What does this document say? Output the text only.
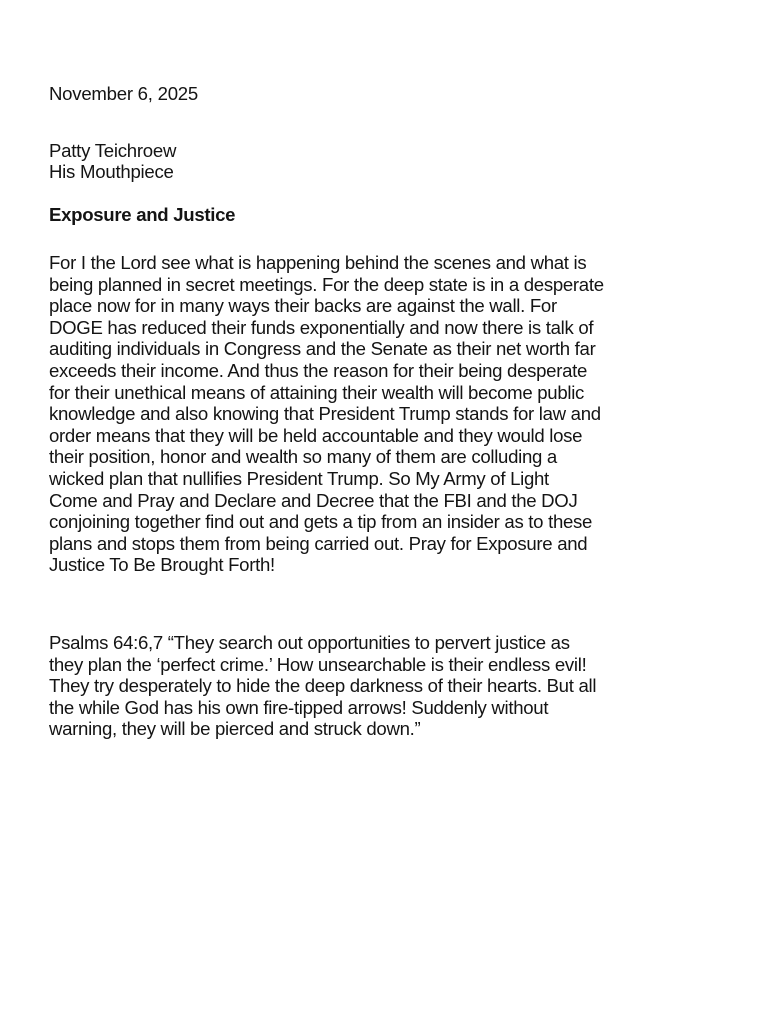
November 6, 2025
Patty Teichroew
His Mouthpiece
Exposure and Justice
For I the Lord see what is happening behind the scenes and what is
being planned in secret meetings. For the deep state is in a desperate
place now for in many ways their backs are against the wall. For
DOGE has reduced their funds exponentially and now there is talk of
auditing individuals in Congress and the Senate as their net worth far
exceeds their income. And thus the reason for their being desperate
for their unethical means of attaining their wealth will become public
knowledge and also knowing that President Trump stands for law and
order means that they will be held accountable and they would lose
their position, honor and wealth so many of them are colluding a
wicked plan that nullifies President Trump. So My Army of Light
Come and Pray and Declare and Decree that the FBI and the DOJ
conjoining together find out and gets a tip from an insider as to these
plans and stops them from being carried out. Pray for Exposure and
Justice To Be Brought Forth!
Psalms 64:6,7 “They search out opportunities to pervert justice as
they plan the ‘perfect crime.’ How unsearchable is their endless evil!
They try desperately to hide the deep darkness of their hearts. But all
the while God has his own fire-tipped arrows! Suddenly without
warning, they will be pierced and struck down.”
